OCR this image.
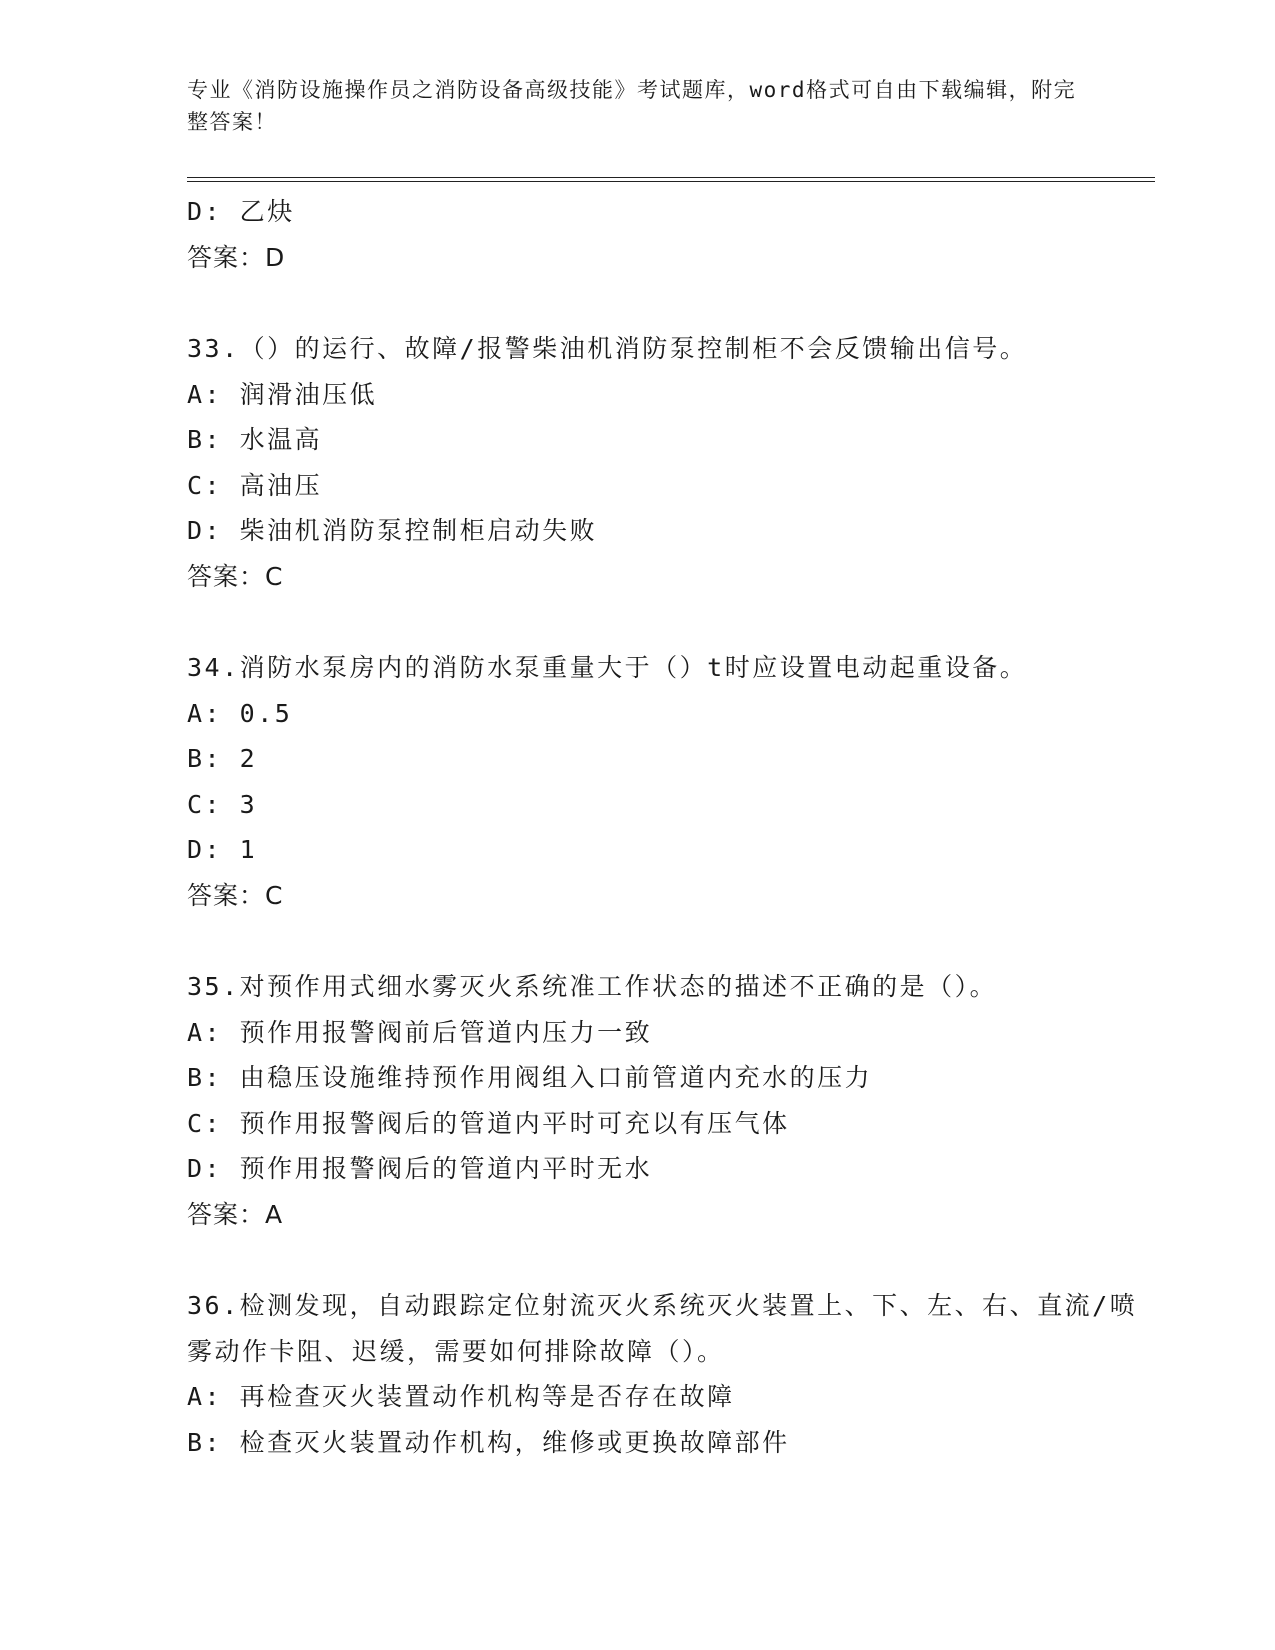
专业《消防设施操作员之消防设备高级技能》考试题库，word格式可自由下载编辑，附完整答案！
D: 乙炔
答案：D
33.（）的运行、故障/报警柴油机消防泵控制柜不会反馈输出信号。
A: 润滑油压低
B: 水温高
C: 高油压
D: 柴油机消防泵控制柜启动失败
答案：C
34.消防水泵房内的消防水泵重量大于（）t时应设置电动起重设备。
A: 0.5
B: 2
C: 3
D: 1
答案：C
35.对预作用式细水雾灭火系统准工作状态的描述不正确的是（）。
A: 预作用报警阀前后管道内压力一致
B: 由稳压设施维持预作用阀组入口前管道内充水的压力
C: 预作用报警阀后的管道内平时可充以有压气体
D: 预作用报警阀后的管道内平时无水
答案：A
36.检测发现，自动跟踪定位射流灭火系统灭火装置上、下、左、右、直流/喷雾动作卡阻、迟缓，需要如何排除故障（）。
A: 再检查灭火装置动作机构等是否存在故障
B: 检查灭火装置动作机构，维修或更换故障部件
